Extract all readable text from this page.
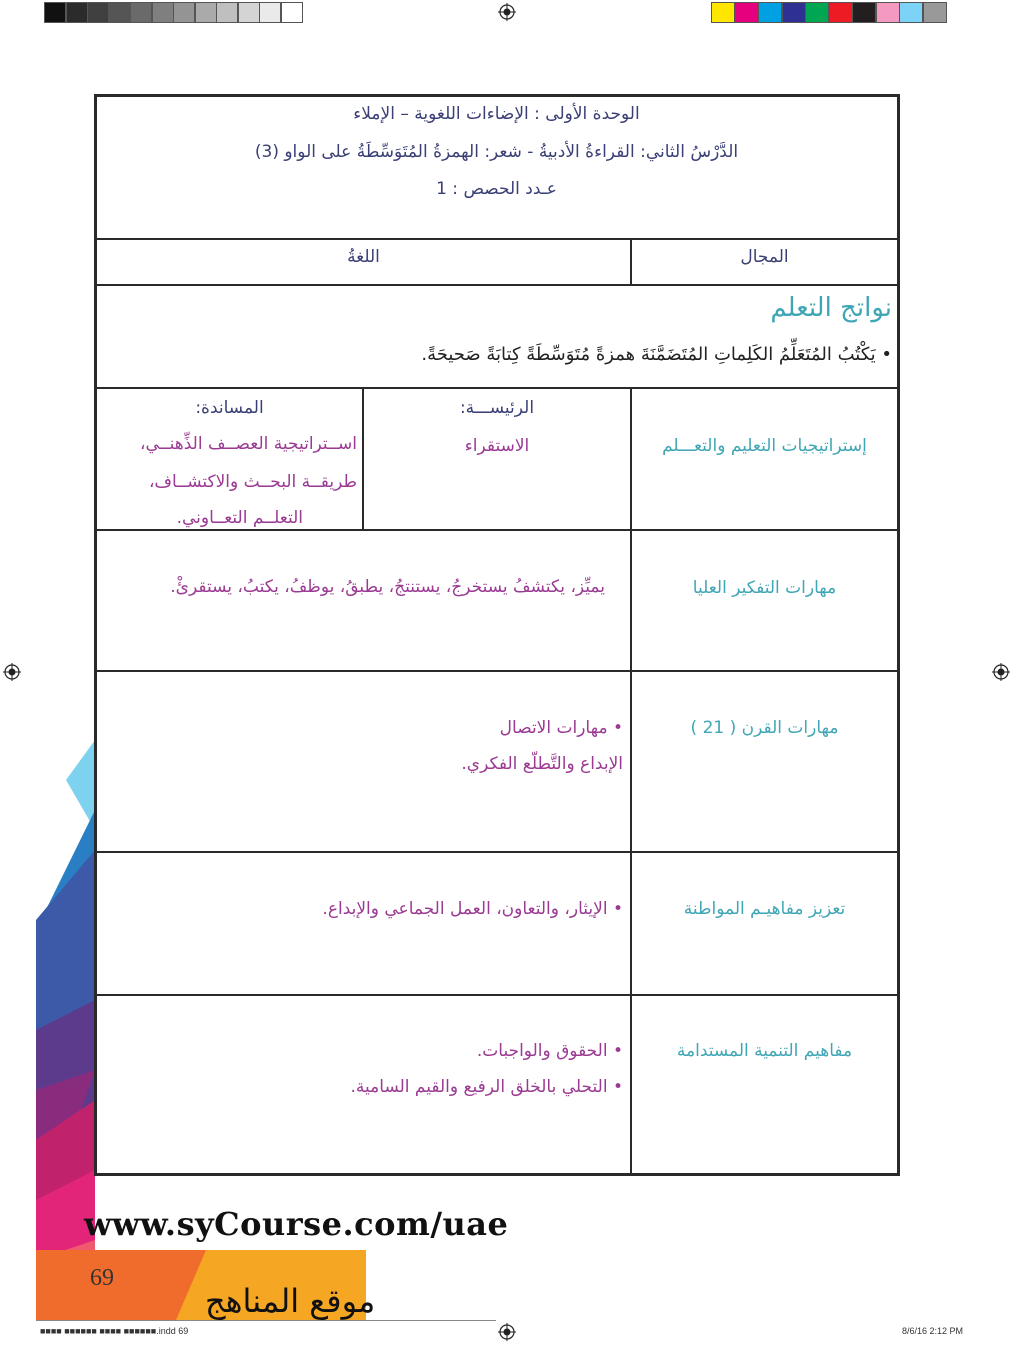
الوحدة الأولى : الإضاءات اللغوية – الإملاء
الدَّرْسُ الثاني: القراءةُ الأدبيةُ - شعر: الهمزةُ المُتَوَسِّطَةُ على الواو (3)
عـدد الحصص : 1
المجال
اللغةُ
نواتج التعلم
• يَكْتُبُ المُتَعَلِّمُ الكَلِماتِ المُتَضَمَّنَةَ همزةً مُتَوَسِّطَةً كِتابَةً صَحيحَةً.
إستراتيجيات التعليم والتعـــلم
الرئيســـة:
الاستقراء
المساندة:
اســتراتيجية العصــف الذِّهنــي،
طريقــة البحــث والاكتشــاف،
التعلــم التعــاوني.
مهارات التفكير العليا
يميِّز، يكتشفُ يستخرجُ، يستنتجُ، يطبقُ، يوظفُ، يكتبُ، يستقرئْ.
مهارات القرن ( 21 )
• مهارات الاتصال
الإبداع والتَّطلّع الفكري.
تعزيز مفاهيـم المواطنة
• الإيثار، والتعاون، العمل الجماعي والإبداع.
مفاهيم التنمية المستدامة
• الحقوق والواجبات.
• التحلي بالخلق الرفيع والقيم السامية.
www.syCourse.com/uae
69
موقع المناهج
■■■■ ■■■■■■ ■■■■ ■■■■■■.indd 69	8/6/16 2:12 PM
